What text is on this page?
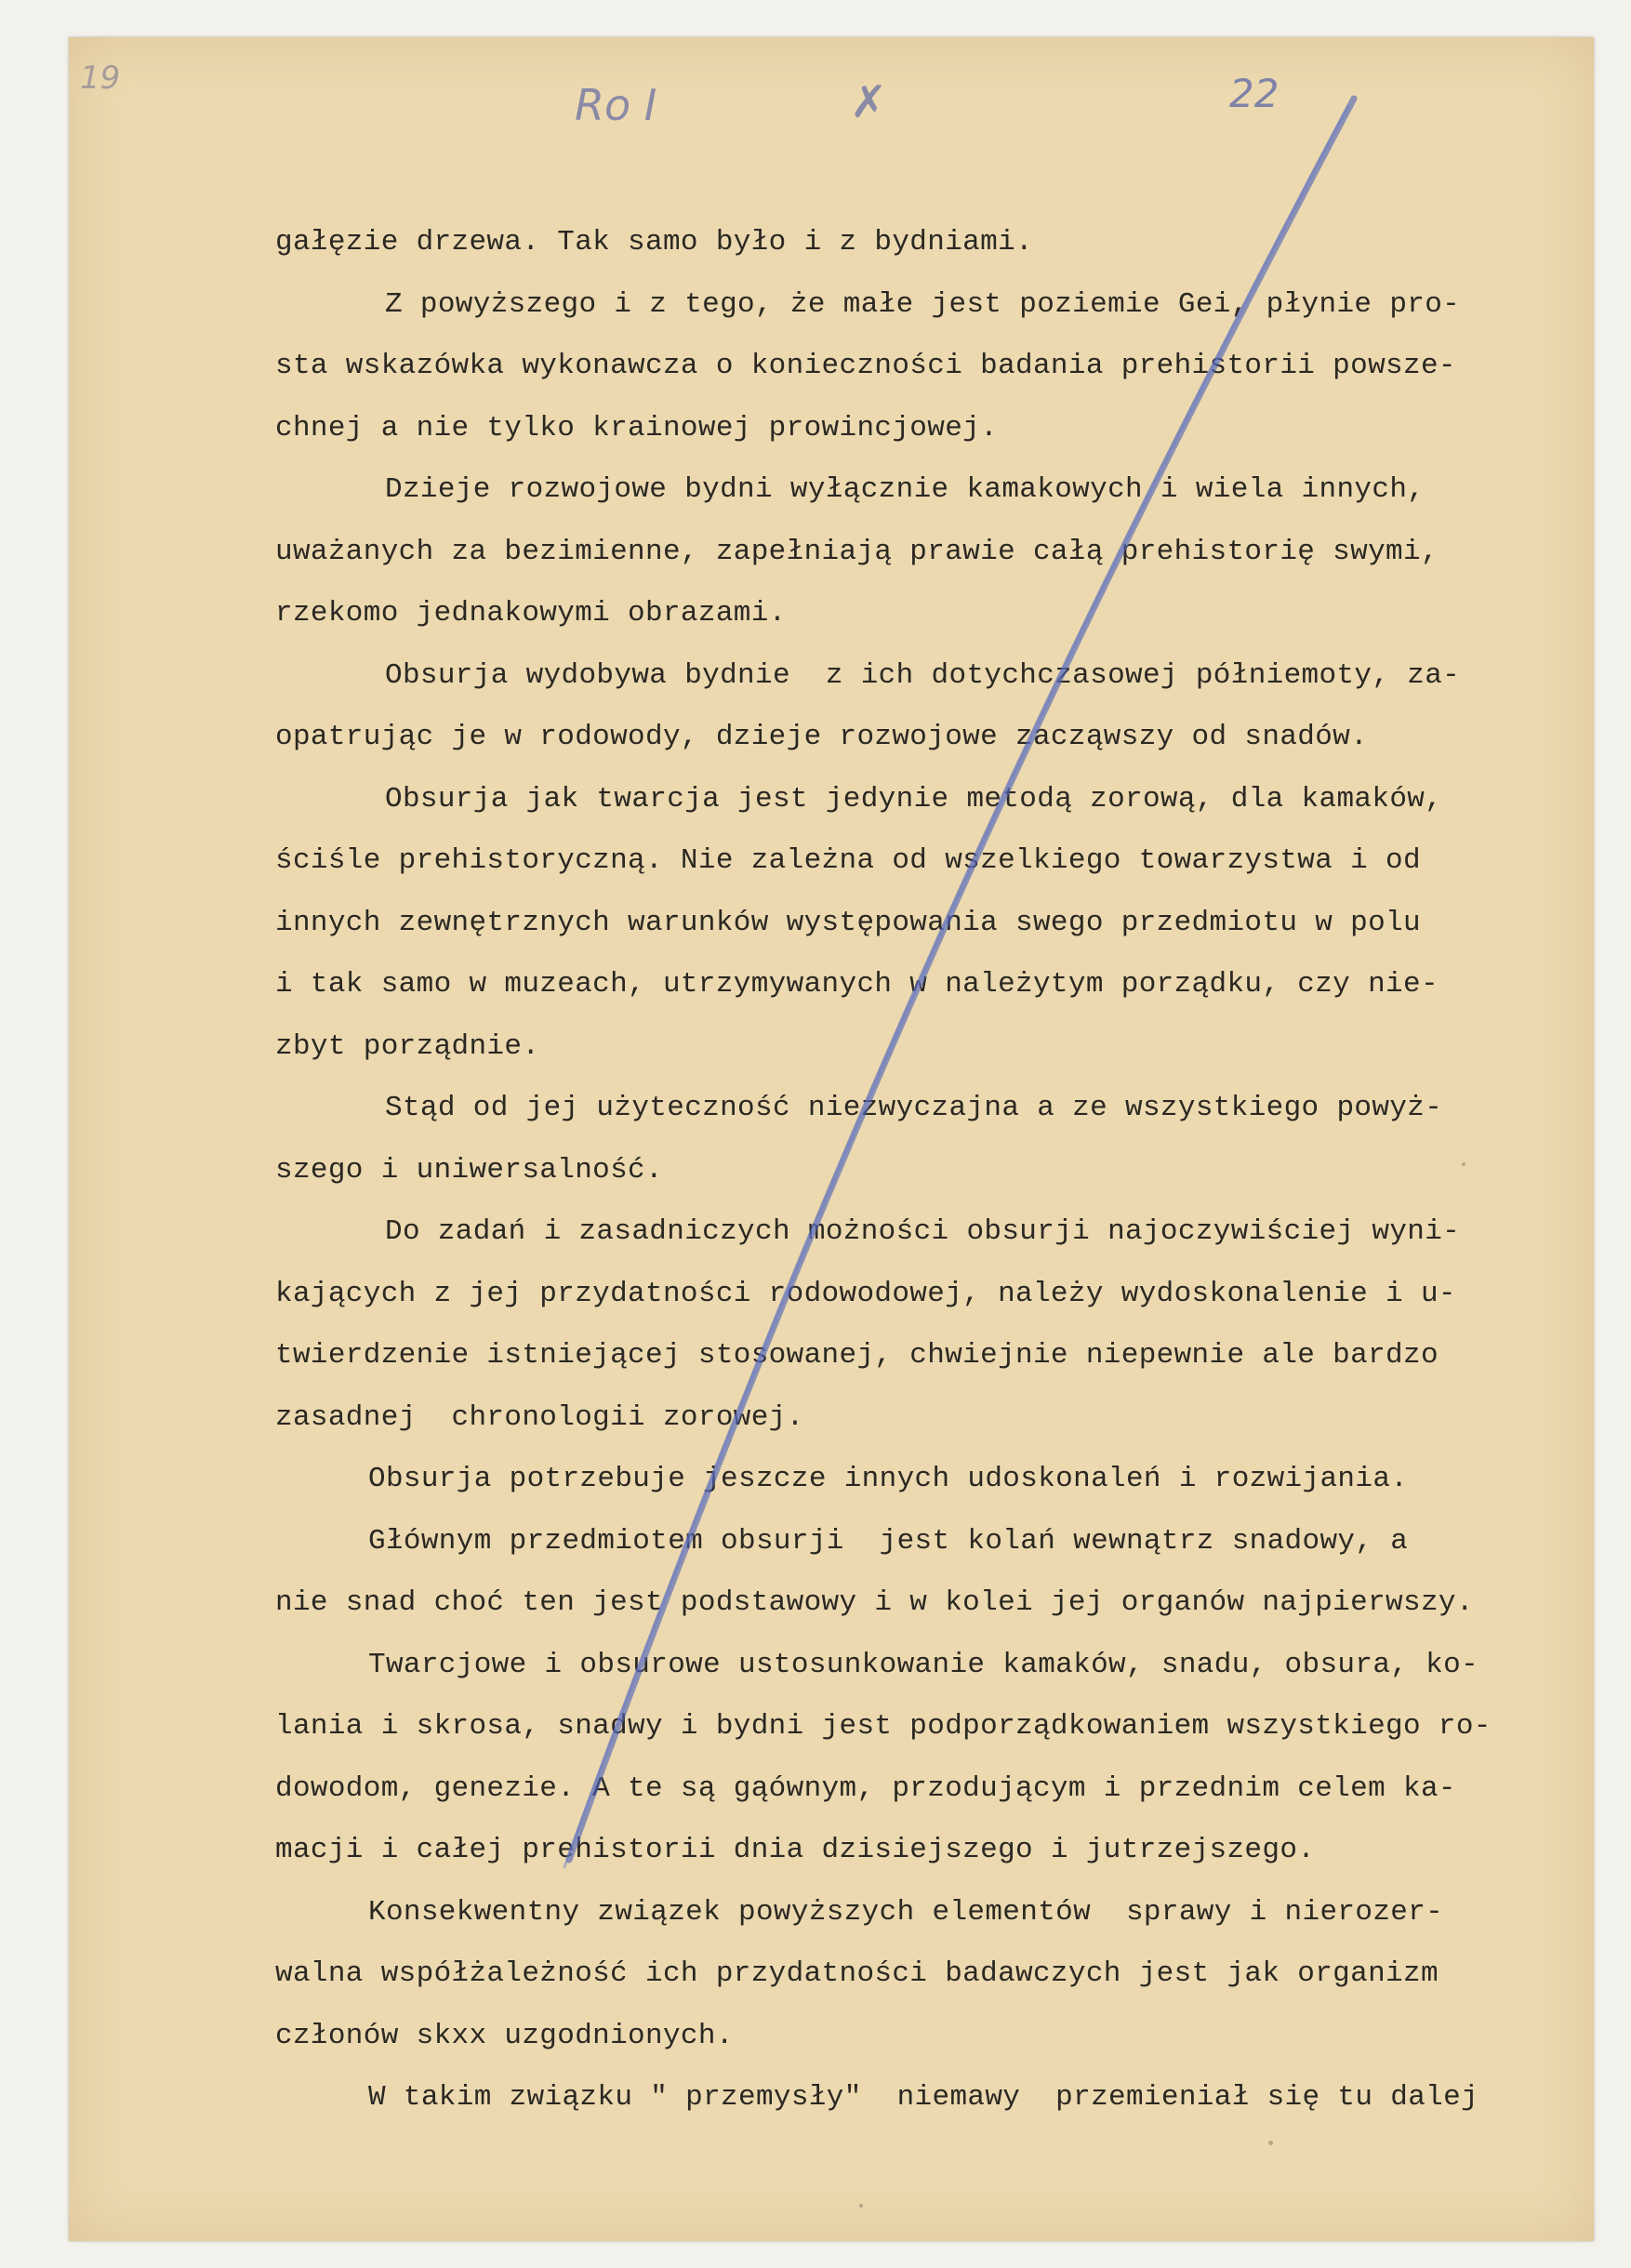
19

Ro I	✗	22

gałęzie drzewa. Tak samo było i z bydniami.
Z powyższego i z tego, że małe jest poziemie Gei, płynie pro-
sta wskazówka wykonawcza o konieczności badania prehistorii powsze-
chnej a nie tylko krainowej prowincjowej.
Dzieje rozwojowe bydni wyłącznie kamakowych i wiela innych,
uważanych za bezimienne, zapełniają prawie całą prehistorię swymi,
rzekomo jednakowymi obrazami.
Obsurja wydobywa bydnie  z ich dotychczasowej półniemoty, za-
opatrując je w rodowody, dzieje rozwojowe zacząwszy od snadów.
Obsurja jak twarcja jest jedynie metodą zorową, dla kamaków,
ściśle prehistoryczną. Nie zależna od wszelkiego towarzystwa i od
innych zewnętrznych warunków występowania swego przedmiotu w polu
i tak samo w muzeach, utrzymywanych w należytym porządku, czy nie-
zbyt porządnie.
Stąd od jej użyteczność niezwyczajna a ze wszystkiego powyż-
szego i uniwersalność.
Do zadań i zasadniczych możności obsurji najoczywiściej wyni-
kających z jej przydatności rodowodowej, należy wydoskonalenie i u-
twierdzenie istniejącej stosowanej, chwiejnie niepewnie ale bardzo
zasadnej  chronologii zorowej.
Obsurja potrzebuje jeszcze innych udoskonaleń i rozwijania.
Głównym przedmiotem obsurji  jest kolań wewnątrz snadowy, a
nie snad choć ten jest podstawowy i w kolei jej organów najpierwszy.
Twarcjowe i obsurowe ustosunkowanie kamaków, snadu, obsura, ko-
lania i skrosa, snadwy i bydni jest podporządkowaniem wszystkiego ro-
dowodom, genezie. A te są gąównym, przodującym i przednim celem ka-
macji i całej prehistorii dnia dzisiejszego i jutrzejszego.
Konsekwentny związek powyższych elementów  sprawy i nierozer-
walna współżależność ich przydatności badawczych jest jak organizm
członów skxx uzgodnionych.
W takim związku " przemysły"  niemawy  przemieniał się tu dalej
